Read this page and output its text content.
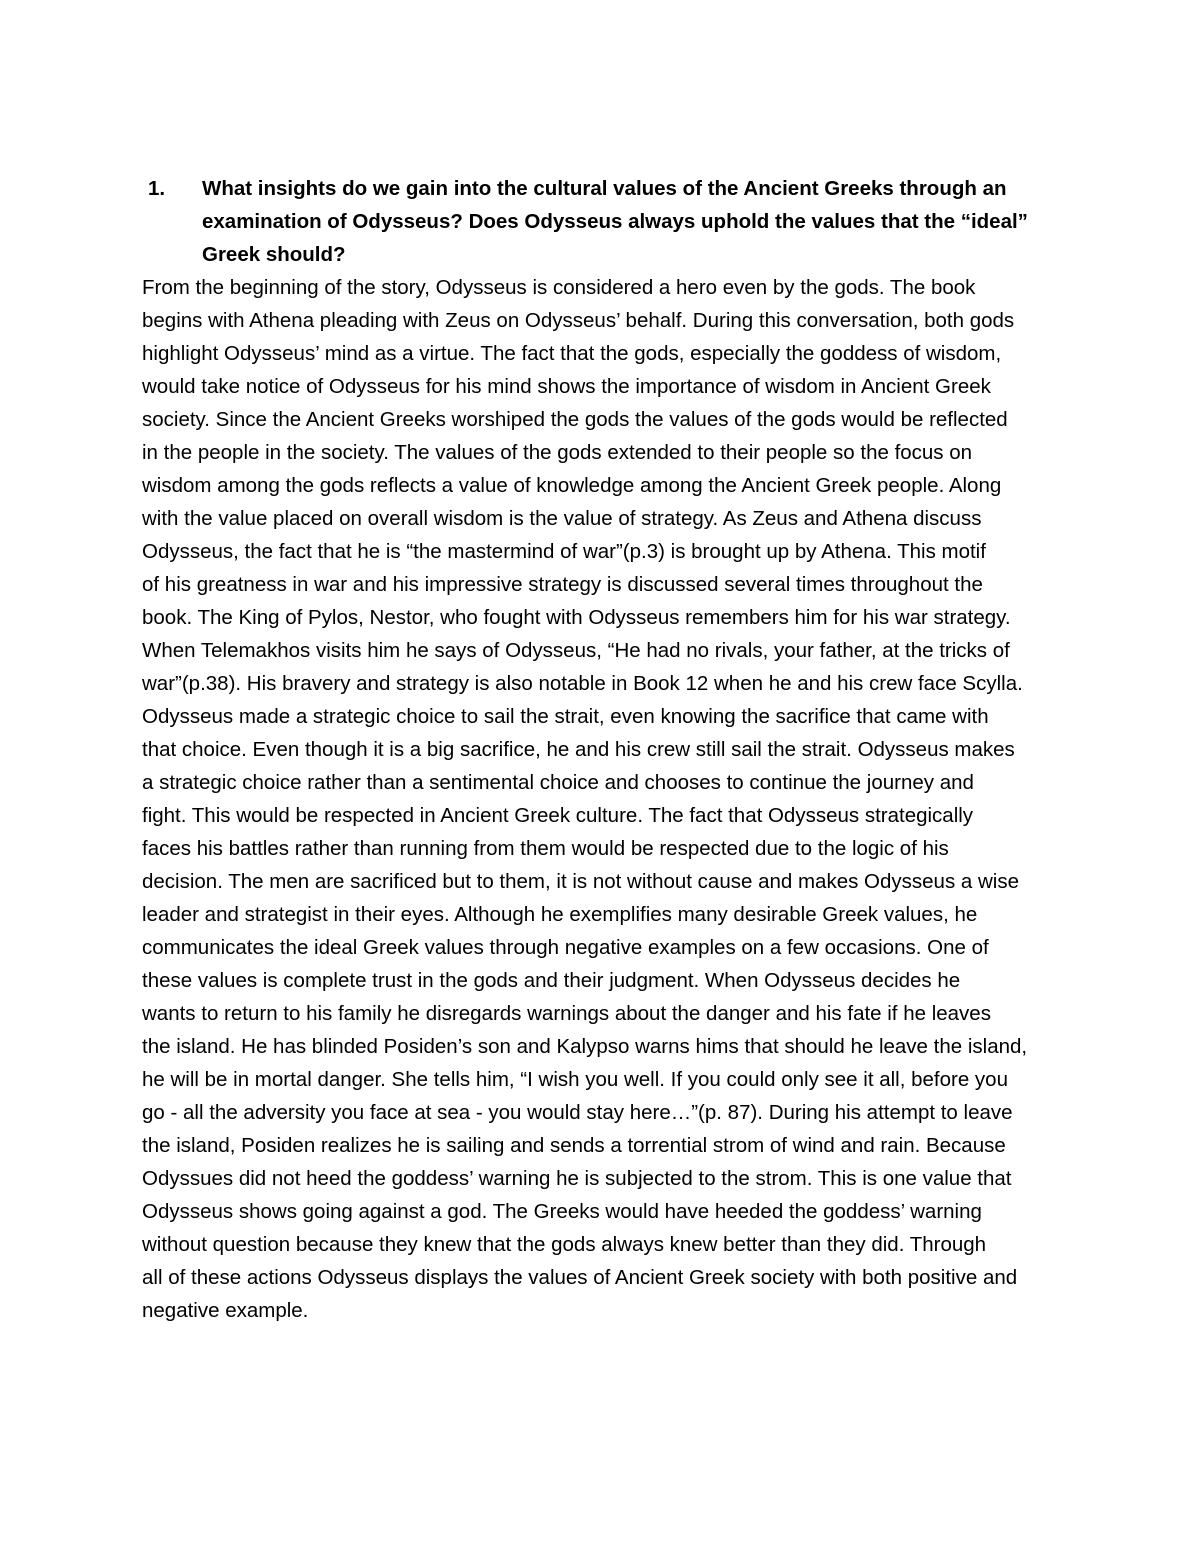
1.	What insights do we gain into the cultural values of the Ancient Greeks through an examination of Odysseus? Does Odysseus always uphold the values that the “ideal” Greek should?

From the beginning of the story, Odysseus is considered a hero even by the gods. The book
begins with Athena pleading with Zeus on Odysseus’ behalf. During this conversation, both gods
highlight Odysseus’ mind as a virtue. The fact that the gods, especially the goddess of wisdom,
would take notice of Odysseus for his mind shows the importance of wisdom in Ancient Greek
society. Since the Ancient Greeks worshiped the gods the values of the gods would be reflected
in the people in the society. The values of the gods extended to their people so the focus on
wisdom among the gods reflects a value of knowledge among the Ancient Greek people. Along
with the value placed on overall wisdom is the value of strategy. As Zeus and Athena discuss
Odysseus, the fact that he is “the mastermind of war”(p.3) is brought up by Athena. This motif
of his greatness in war and his impressive strategy is discussed several times throughout the
book. The King of Pylos, Nestor, who fought with Odysseus remembers him for his war strategy.
When Telemakhos visits him he says of Odysseus, “He had no rivals, your father, at the tricks of
war”(p.38). His bravery and strategy is also notable in Book 12 when he and his crew face Scylla.
Odysseus made a strategic choice to sail the strait, even knowing the sacrifice that came with
that choice. Even though it is a big sacrifice, he and his crew still sail the strait. Odysseus makes
a strategic choice rather than a sentimental choice and chooses to continue the journey and
fight. This would be respected in Ancient Greek culture. The fact that Odysseus strategically
faces his battles rather than running from them would be respected due to the logic of his
decision. The men are sacrificed but to them, it is not without cause and makes Odysseus a wise
leader and strategist in their eyes. Although he exemplifies many desirable Greek values, he
communicates the ideal Greek values through negative examples on a few occasions. One of
these values is complete trust in the gods and their judgment. When Odysseus decides he
wants to return to his family he disregards warnings about the danger and his fate if he leaves
the island. He has blinded Posiden’s son and Kalypso warns hims that should he leave the island,
he will be in mortal danger. She tells him, “I wish you well. If you could only see it all, before you
go - all the adversity you face at sea - you would stay here…”(p. 87). During his attempt to leave
the island, Posiden realizes he is sailing and sends a torrential strom of wind and rain. Because
Odyssues did not heed the goddess’ warning he is subjected to the strom. This is one value that
Odysseus shows going against a god. The Greeks would have heeded the goddess’ warning
without question because they knew that the gods always knew better than they did. Through
all of these actions Odysseus displays the values of Ancient Greek society with both positive and
negative example.
